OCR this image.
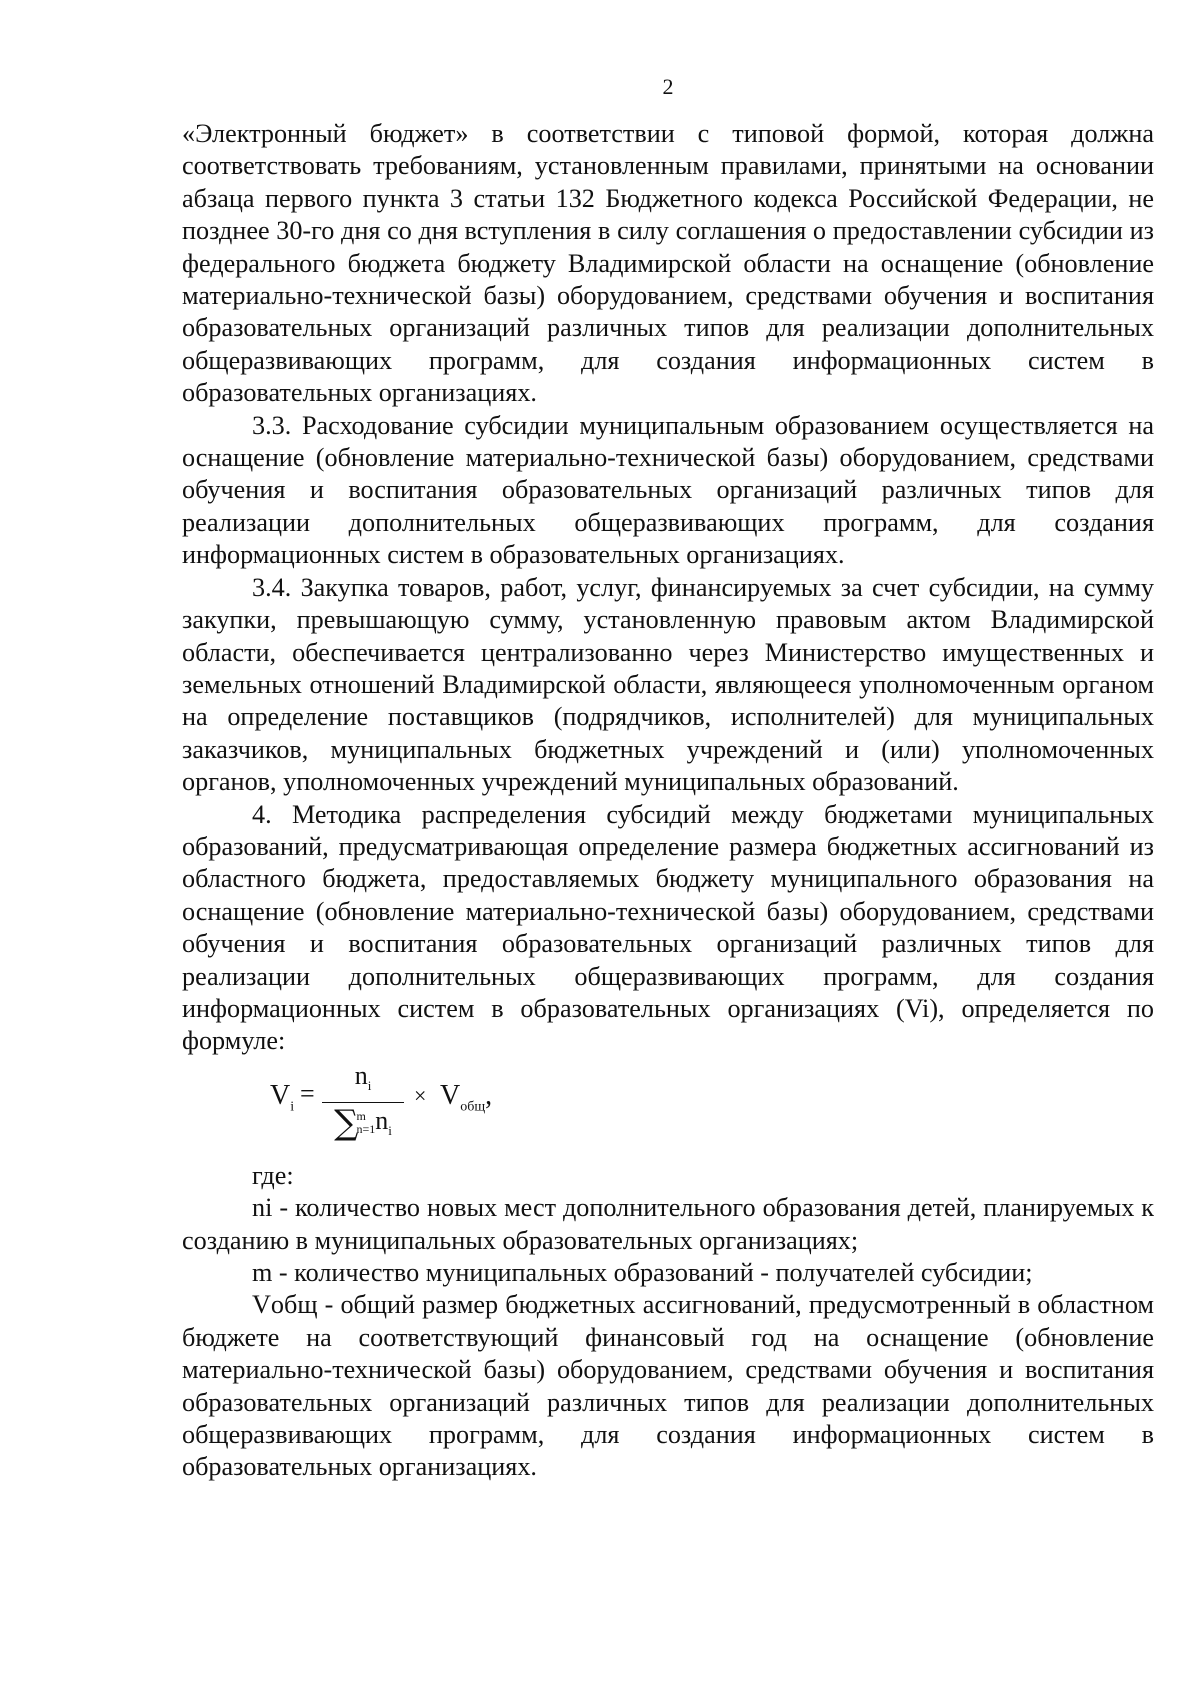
2

«Электронный бюджет» в соответствии с типовой формой, которая должна соответствовать требованиям, установленным правилами, принятыми на основании абзаца первого пункта 3 статьи 132 Бюджетного кодекса Российской Федерации, не позднее 30-го дня со дня вступления в силу соглашения о предоставлении субсидии из федерального бюджета бюджету Владимирской области на оснащение (обновление материально-технической базы) оборудованием, средствами обучения и воспитания образовательных организаций различных типов для реализации дополнительных общеразвивающих программ, для создания информационных систем в образовательных организациях.

3.3. Расходование субсидии муниципальным образованием осуществляется на оснащение (обновление материально-технической базы) оборудованием, средствами обучения и воспитания образовательных организаций различных типов для реализации дополнительных общеразвивающих программ, для создания информационных систем в образовательных организациях.

3.4. Закупка товаров, работ, услуг, финансируемых за счет субсидии, на сумму закупки, превышающую сумму, установленную правовым актом Владимирской области, обеспечивается централизованно через Министерство имущественных и земельных отношений Владимирской области, являющееся уполномоченным органом на определение поставщиков (подрядчиков, исполнителей) для муниципальных заказчиков, муниципальных бюджетных учреждений и (или) уполномоченных органов, уполномоченных учреждений муниципальных образований.

4. Методика распределения субсидий между бюджетами муниципальных образований, предусматривающая определение размера бюджетных ассигнований из областного бюджета, предоставляемых бюджету муниципального образования на оснащение (обновление материально-технической базы) оборудованием, средствами обучения и воспитания образовательных организаций различных типов для реализации дополнительных общеразвивающих программ, для создания информационных систем в образовательных организациях (Vi), определяется по формуле:

$V_i$ =
$n_i$
∑m
$n=1n_i$
× $V_{общ}$,

где:

ni - количество новых мест дополнительного образования детей, планируемых к созданию в муниципальных образовательных организациях;

m - количество муниципальных образований - получателей субсидии;

Vобщ - общий размер бюджетных ассигнований, предусмотренный в областном бюджете на соответствующий финансовый год на оснащение (обновление материально-технической базы) оборудованием, средствами обучения и воспитания образовательных организаций различных типов для реализации дополнительных общеразвивающих программ, для создания информационных систем в образовательных организациях.
